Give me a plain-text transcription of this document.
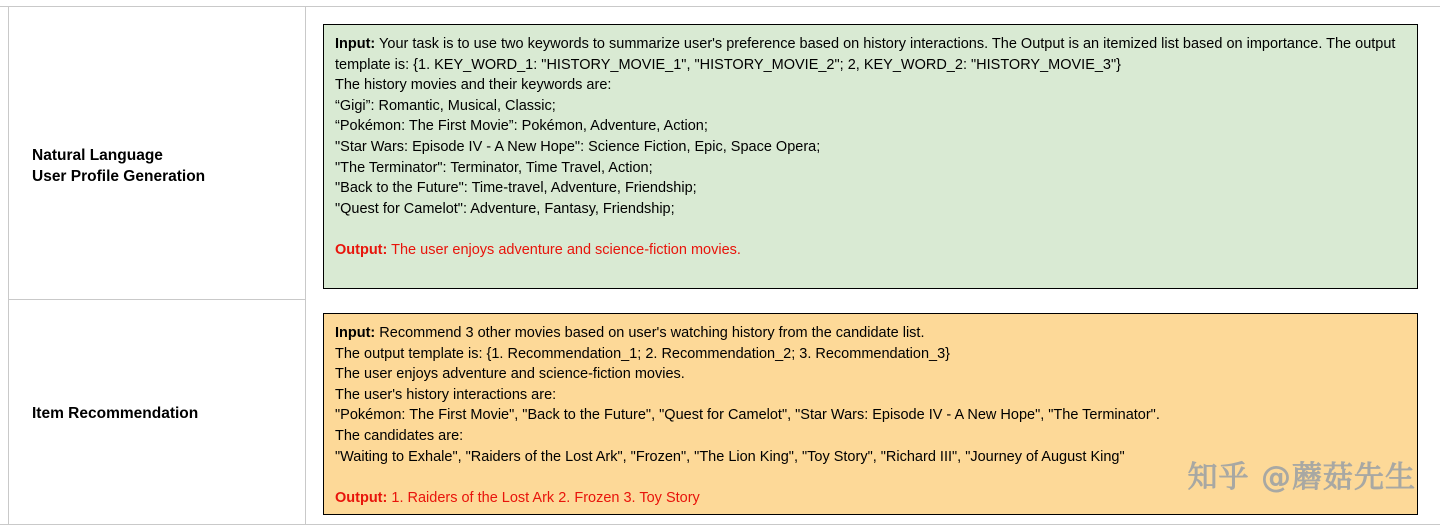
Natural Language
User Profile Generation
Item Recommendation
Input: Your task is to use two keywords to summarize user's preference based on history interactions. The Output is an itemized list based on importance. The output template is: {1. KEY_WORD_1: "HISTORY_MOVIE_1", "HISTORY_MOVIE_2"; 2, KEY_WORD_2: "HISTORY_MOVIE_3"}
The history movies and their keywords are:
“Gigi”: Romantic, Musical, Classic;
“Pokémon: The First Movie”: Pokémon, Adventure, Action;
"Star Wars: Episode IV - A New Hope": Science Fiction, Epic, Space Opera;
"The Terminator": Terminator, Time Travel, Action;
"Back to the Future": Time-travel, Adventure, Friendship;
"Quest for Camelot": Adventure, Fantasy, Friendship;
Output: The user enjoys adventure and science-fiction movies.
Input: Recommend 3 other movies based on user's watching history from the candidate list.
The output template is: {1. Recommendation_1; 2. Recommendation_2; 3. Recommendation_3}
The user enjoys adventure and science-fiction movies.
The user's history interactions are:
"Pokémon: The First Movie", "Back to the Future", "Quest for Camelot", "Star Wars: Episode IV - A New Hope", "The Terminator".
The candidates are:
"Waiting to Exhale", "Raiders of the Lost Ark", "Frozen", "The Lion King", "Toy Story", "Richard III", "Journey of August King"
Output: 1. Raiders of the Lost Ark 2. Frozen 3. Toy Story
知乎 @蘑菇先生
